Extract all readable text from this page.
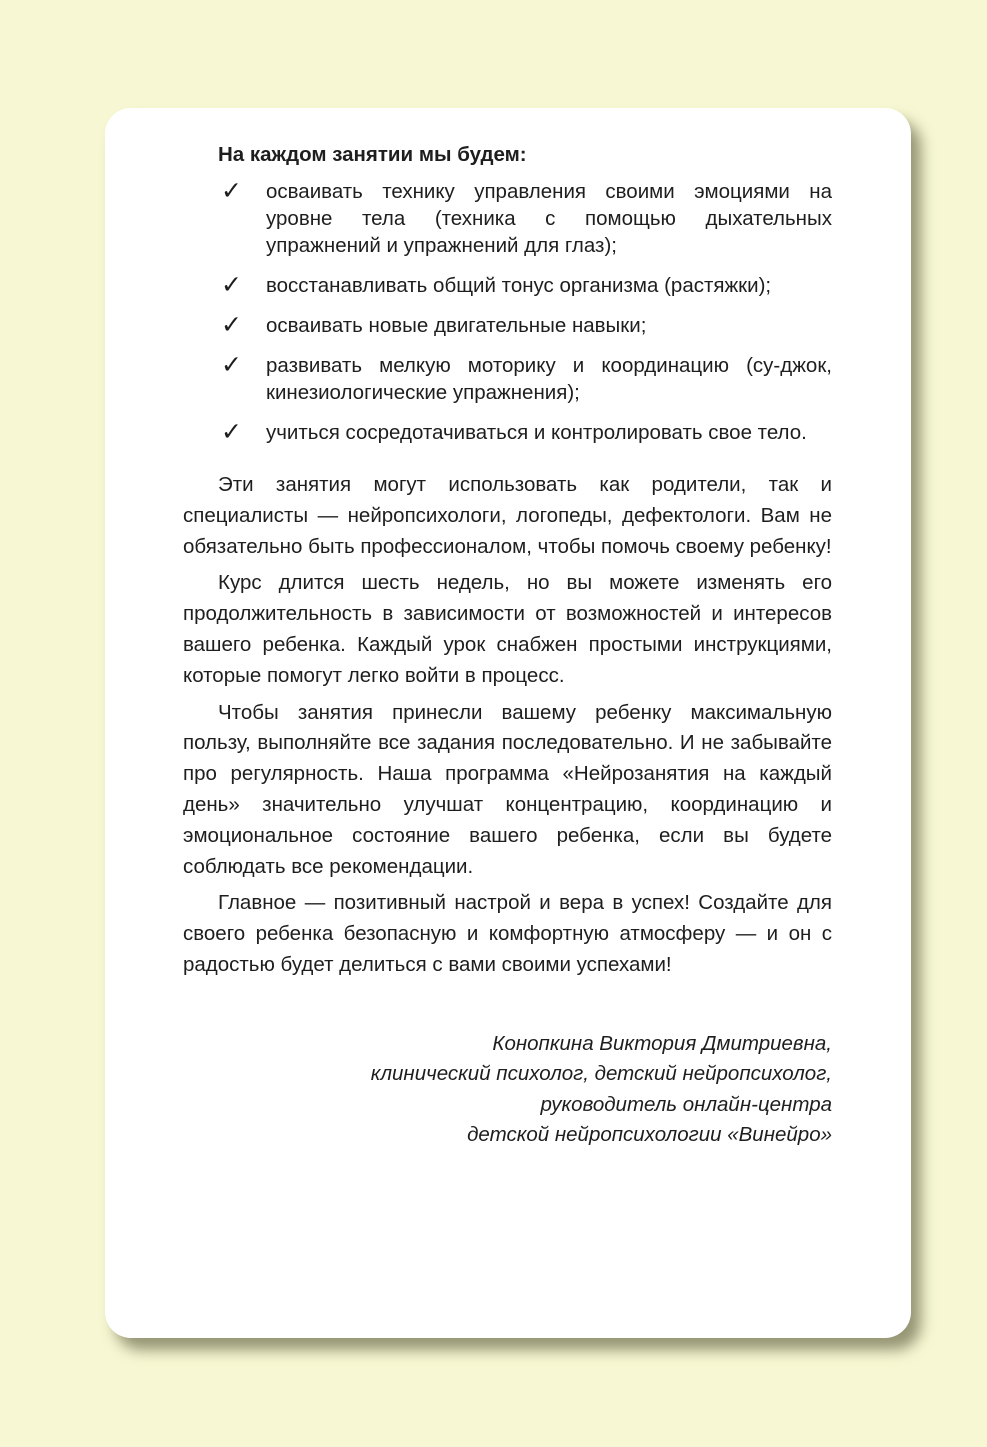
На каждом занятии мы будем:
✓ осваивать технику управления своими эмоциями на уровне тела (техника с помощью дыхательных упражнений и упражнений для глаз);
✓ восстанавливать общий тонус организма (растяжки);
✓ осваивать новые двигательные навыки;
✓ развивать мелкую моторику и координацию (су-джок, кинезиологические упражнения);
✓ учиться сосредотачиваться и контролировать свое тело.

Эти занятия могут использовать как родители, так и специалисты — нейропсихологи, логопеды, дефектологи. Вам не обязательно быть профессионалом, чтобы помочь своему ребенку!

Курс длится шесть недель, но вы можете изменять его продолжительность в зависимости от возможностей и интересов вашего ребенка. Каждый урок снабжен простыми инструкциями, которые помогут легко войти в процесс.

Чтобы занятия принесли вашему ребенку максимальную пользу, выполняйте все задания последовательно. И не забывайте про регулярность. Наша программа «Нейрозанятия на каждый день» значительно улучшат концентрацию, координацию и эмоциональное состояние вашего ребенка, если вы будете соблюдать все рекомендации.

Главное — позитивный настрой и вера в успех! Создайте для своего ребенка безопасную и комфортную атмосферу — и он с радостью будет делиться с вами своими успехами!

Конопкина Виктория Дмитриевна,
клинический психолог, детский нейропсихолог,
руководитель онлайн-центра
детской нейропсихологии «Винейро»
